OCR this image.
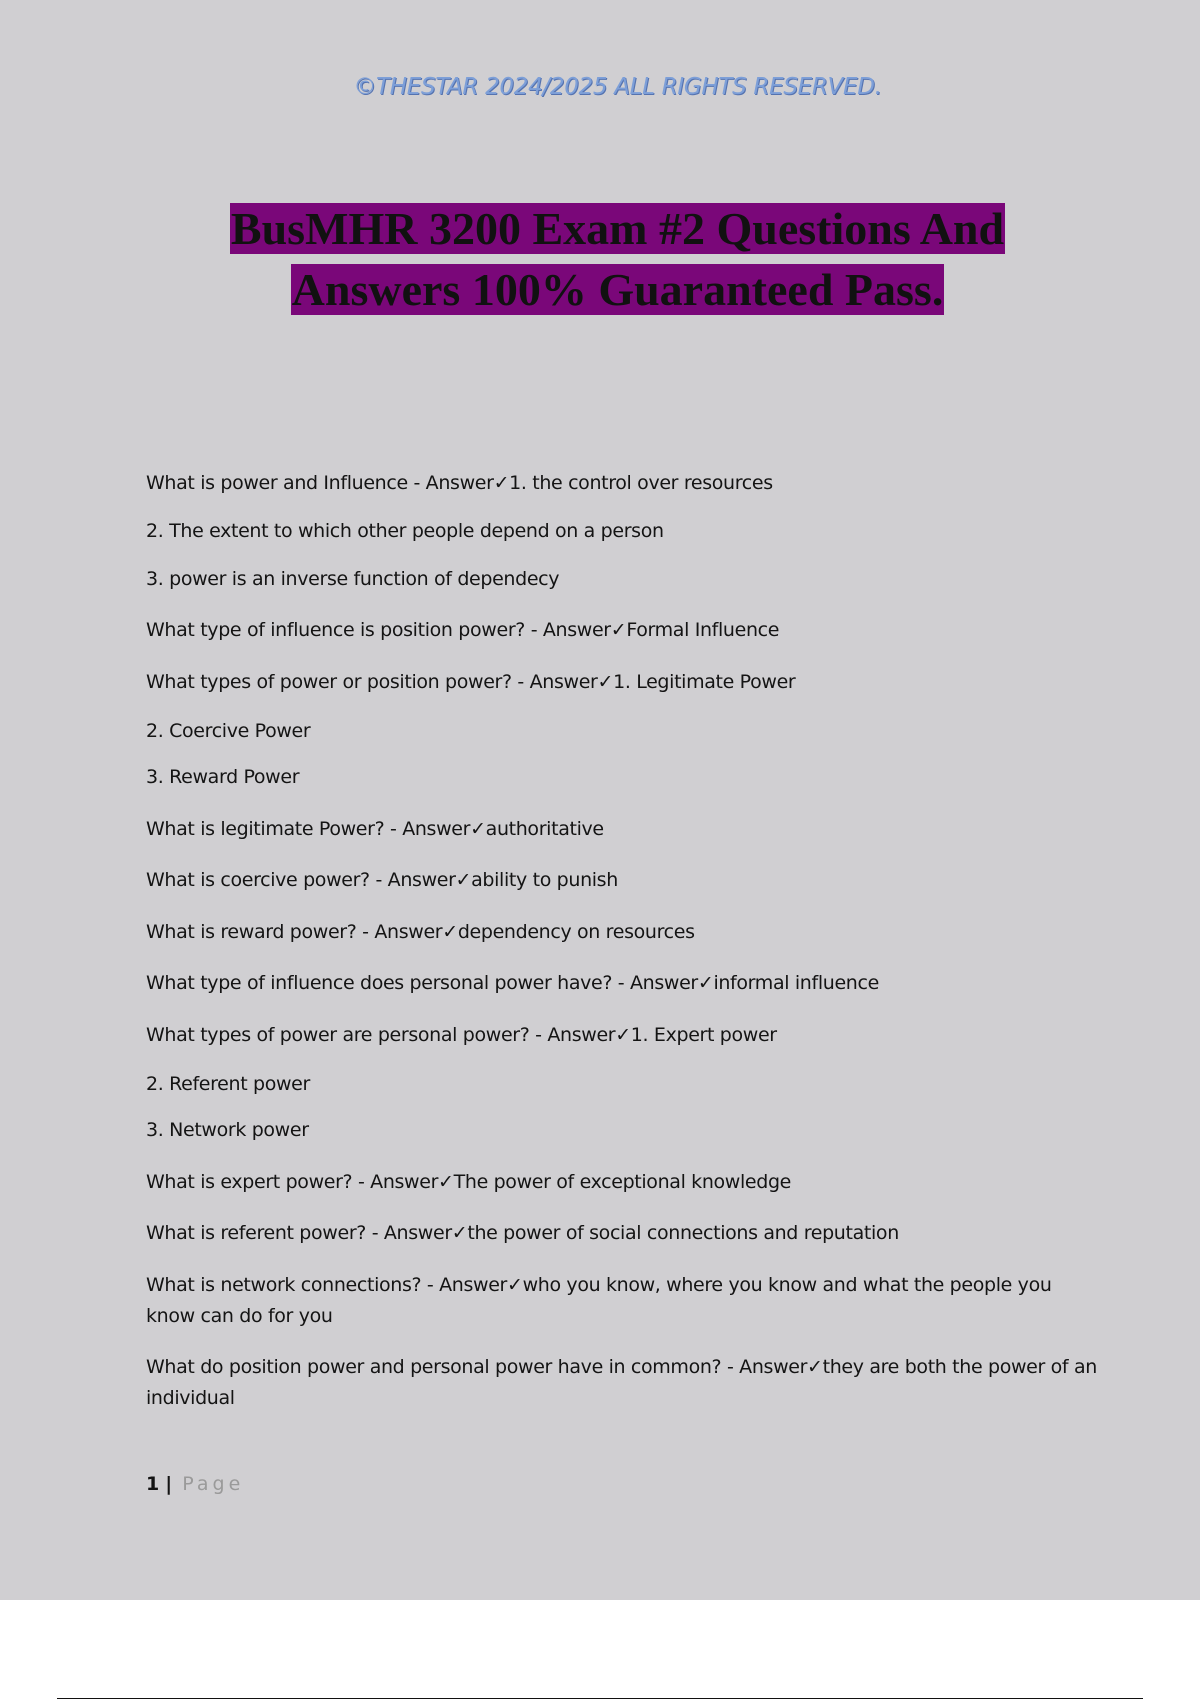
©THESTAR 2024/2025 ALL RIGHTS RESERVED.
BusMHR 3200 Exam #2 Questions And
Answers 100% Guaranteed Pass.
What is power and Influence - Answer✓1. the control over resources
2. The extent to which other people depend on a person
3. power is an inverse function of dependecy
What type of influence is position power? - Answer✓Formal Influence
What types of power or position power? - Answer✓1. Legitimate Power
2. Coercive Power
3. Reward Power
What is legitimate Power? - Answer✓authoritative
What is coercive power? - Answer✓ability to punish
What is reward power? - Answer✓dependency on resources
What type of influence does personal power have? - Answer✓informal influence
What types of power are personal power? - Answer✓1. Expert power
2. Referent power
3. Network power
What is expert power? - Answer✓The power of exceptional knowledge
What is referent power? - Answer✓the power of social connections and reputation
What is network connections? - Answer✓who you know, where you know and what the people you know can do for you
What do position power and personal power have in common? - Answer✓they are both the power of an individual
1 | Page
